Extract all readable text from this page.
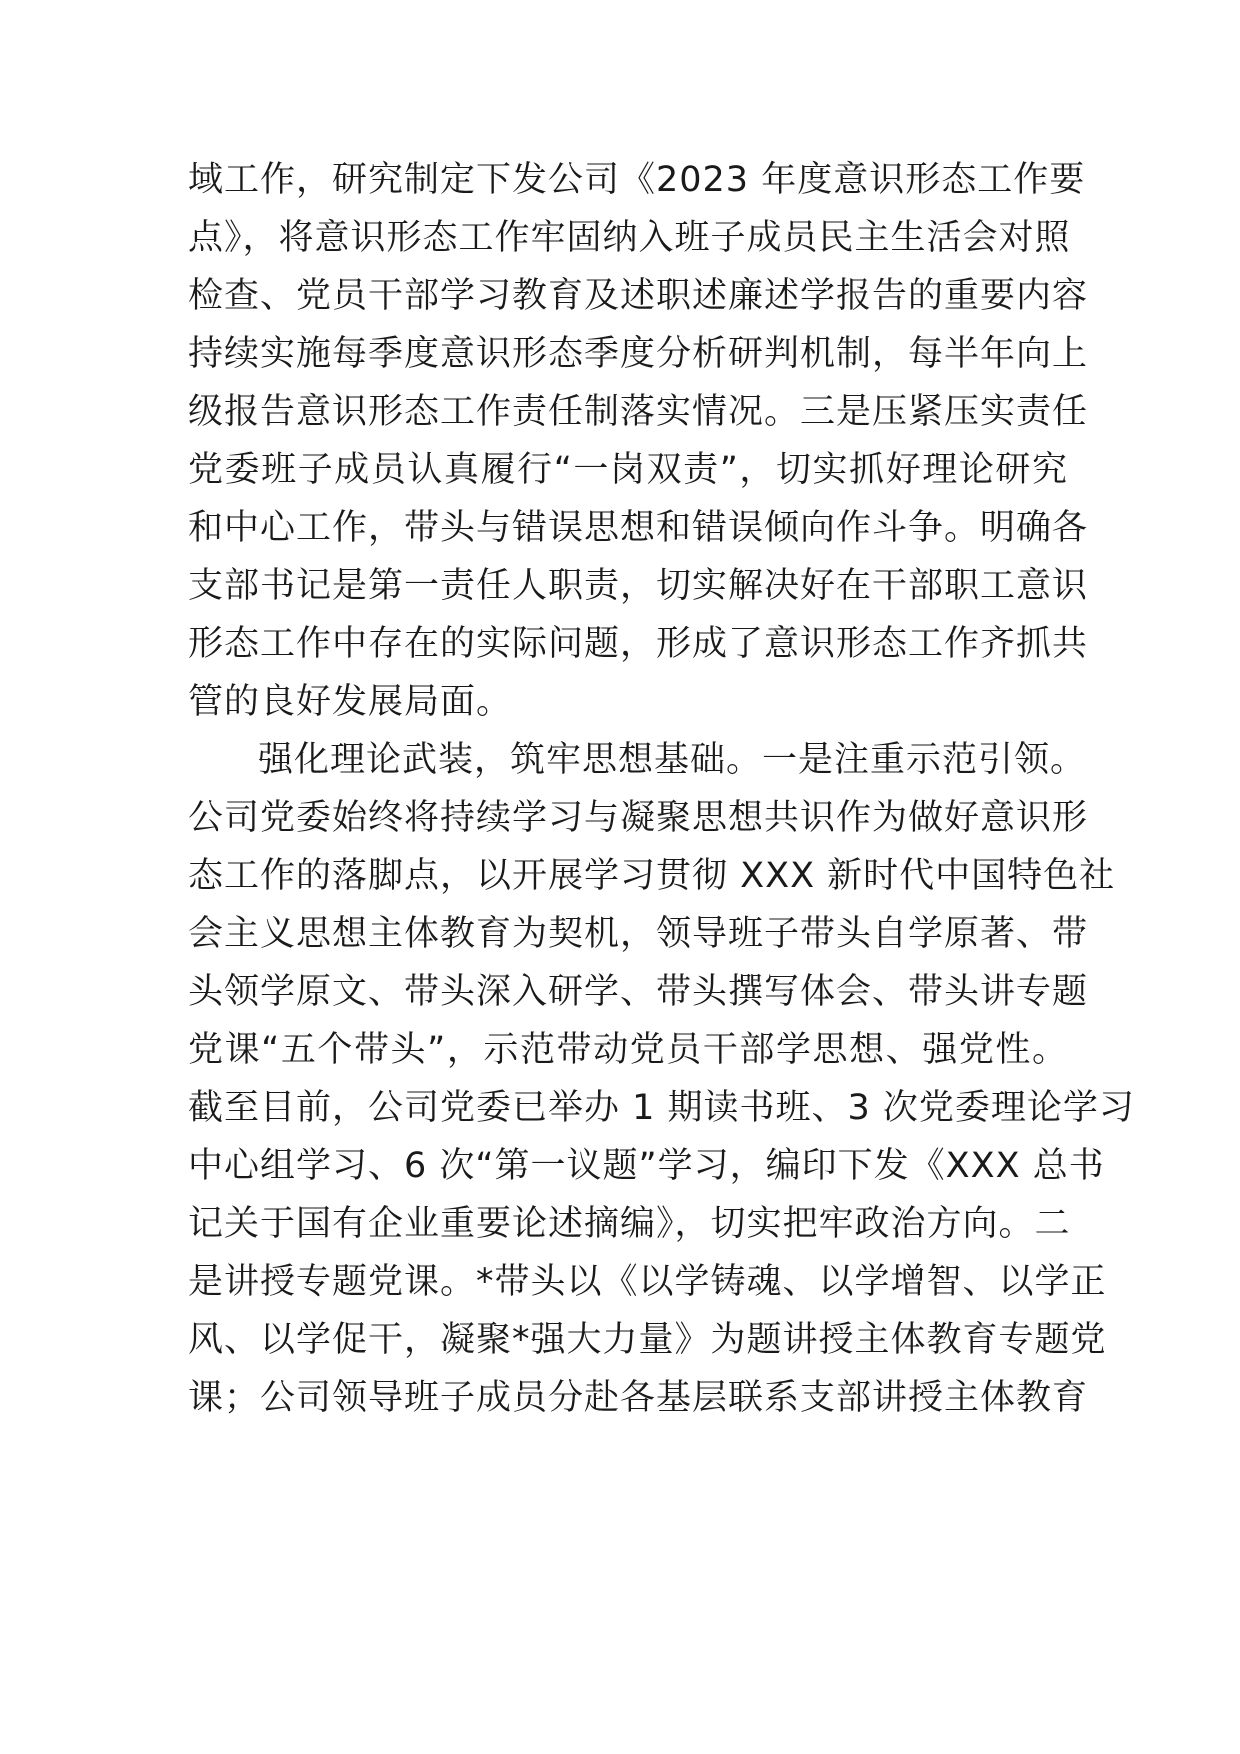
域工作，研究制定下发公司《2023 年度意识形态工作要
点》，将意识形态工作牢固纳入班子成员民主生活会对照
检查、党员干部学习教育及述职述廉述学报告的重要内容
持续实施每季度意识形态季度分析研判机制，每半年向上
级报告意识形态工作责任制落实情况。三是压紧压实责任
党委班子成员认真履行“一岗双责”，切实抓好理论研究
和中心工作，带头与错误思想和错误倾向作斗争。明确各
支部书记是第一责任人职责，切实解决好在干部职工意识
形态工作中存在的实际问题，形成了意识形态工作齐抓共
管的良好发展局面。
强化理论武装，筑牢思想基础。一是注重示范引领。
公司党委始终将持续学习与凝聚思想共识作为做好意识形
态工作的落脚点，以开展学习贯彻 XXX 新时代中国特色社
会主义思想主体教育为契机，领导班子带头自学原著、带
头领学原文、带头深入研学、带头撰写体会、带头讲专题
党课“五个带头”，示范带动党员干部学思想、强党性。
截至目前，公司党委已举办 1 期读书班、3 次党委理论学习
中心组学习、6 次“第一议题”学习，编印下发《XXX 总书
记关于国有企业重要论述摘编》，切实把牢政治方向。二
是讲授专题党课。*带头以《以学铸魂、以学增智、以学正
风、以学促干，凝聚*强大力量》为题讲授主体教育专题党
课；公司领导班子成员分赴各基层联系支部讲授主体教育
